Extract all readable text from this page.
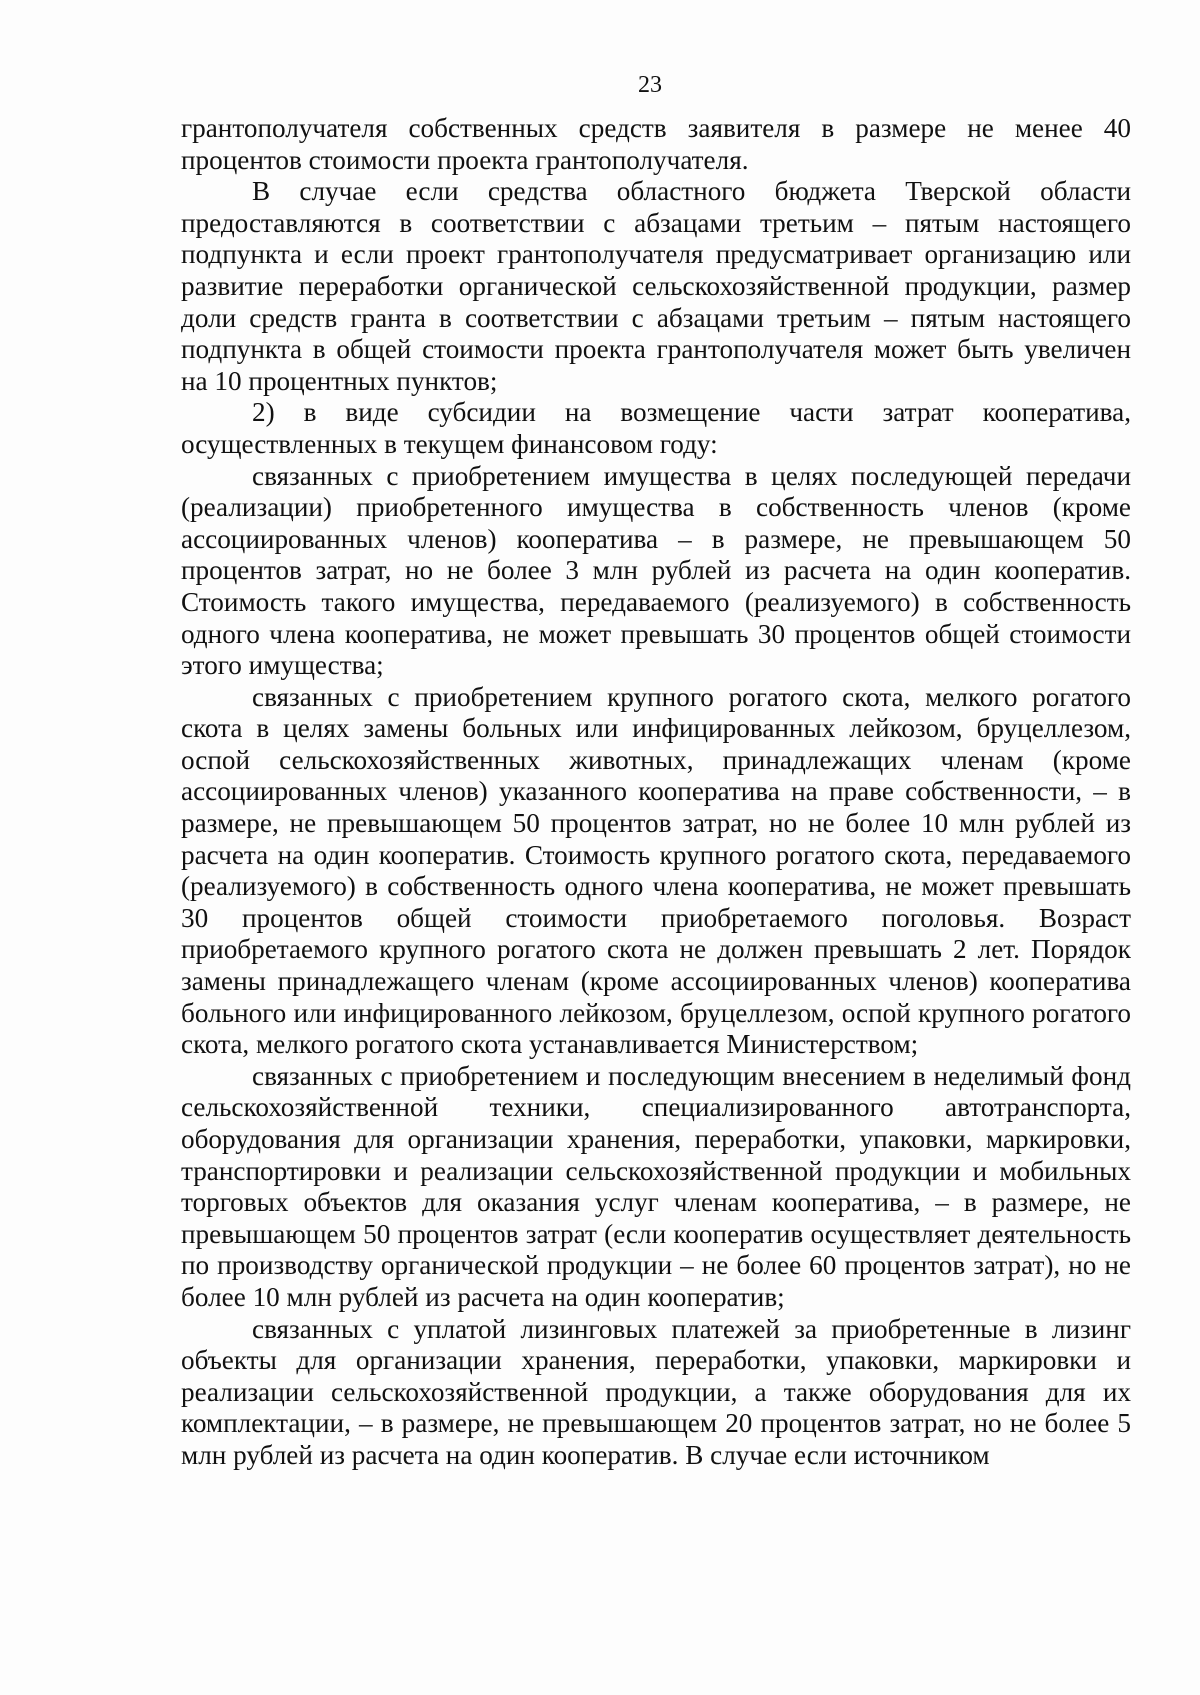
23

грантополучателя собственных средств заявителя в размере не менее 40 процентов стоимости проекта грантополучателя.

В случае если средства областного бюджета Тверской области предоставляются в соответствии с абзацами третьим – пятым настоящего подпункта и если проект грантополучателя предусматривает организацию или развитие переработки органической сельскохозяйственной продукции, размер доли средств гранта в соответствии с абзацами третьим – пятым настоящего подпункта в общей стоимости проекта грантополучателя может быть увеличен на 10 процентных пунктов;

2) в виде субсидии на возмещение части затрат кооператива, осуществленных в текущем финансовом году:

связанных с приобретением имущества в целях последующей передачи (реализации) приобретенного имущества в собственность членов (кроме ассоциированных членов) кооператива – в размере, не превышающем 50 процентов затрат, но не более 3 млн рублей из расчета на один кооператив. Стоимость такого имущества, передаваемого (реализуемого) в собственность одного члена кооператива, не может превышать 30 процентов общей стоимости этого имущества;

связанных с приобретением крупного рогатого скота, мелкого рогатого скота в целях замены больных или инфицированных лейкозом, бруцеллезом, оспой сельскохозяйственных животных, принадлежащих членам (кроме ассоциированных членов) указанного кооператива на праве собственности, – в размере, не превышающем 50 процентов затрат, но не более 10 млн рублей из расчета на один кооператив. Стоимость крупного рогатого скота, передаваемого (реализуемого) в собственность одного члена кооператива, не может превышать 30 процентов общей стоимости приобретаемого поголовья. Возраст приобретаемого крупного рогатого скота не должен превышать 2 лет. Порядок замены принадлежащего членам (кроме ассоциированных членов) кооператива больного или инфицированного лейкозом, бруцеллезом, оспой крупного рогатого скота, мелкого рогатого скота устанавливается Министерством;

связанных с приобретением и последующим внесением в неделимый фонд сельскохозяйственной техники, специализированного автотранспорта, оборудования для организации хранения, переработки, упаковки, маркировки, транспортировки и реализации сельскохозяйственной продукции и мобильных торговых объектов для оказания услуг членам кооператива, – в размере, не превышающем 50 процентов затрат (если кооператив осуществляет деятельность по производству органической продукции – не более 60 процентов затрат), но не более 10 млн рублей из расчета на один кооператив;

связанных с уплатой лизинговых платежей за приобретенные в лизинг объекты для организации хранения, переработки, упаковки, маркировки и реализации сельскохозяйственной продукции, а также оборудования для их комплектации, – в размере, не превышающем 20 процентов затрат, но не более 5 млн рублей из расчета на один кооператив. В случае если источником
